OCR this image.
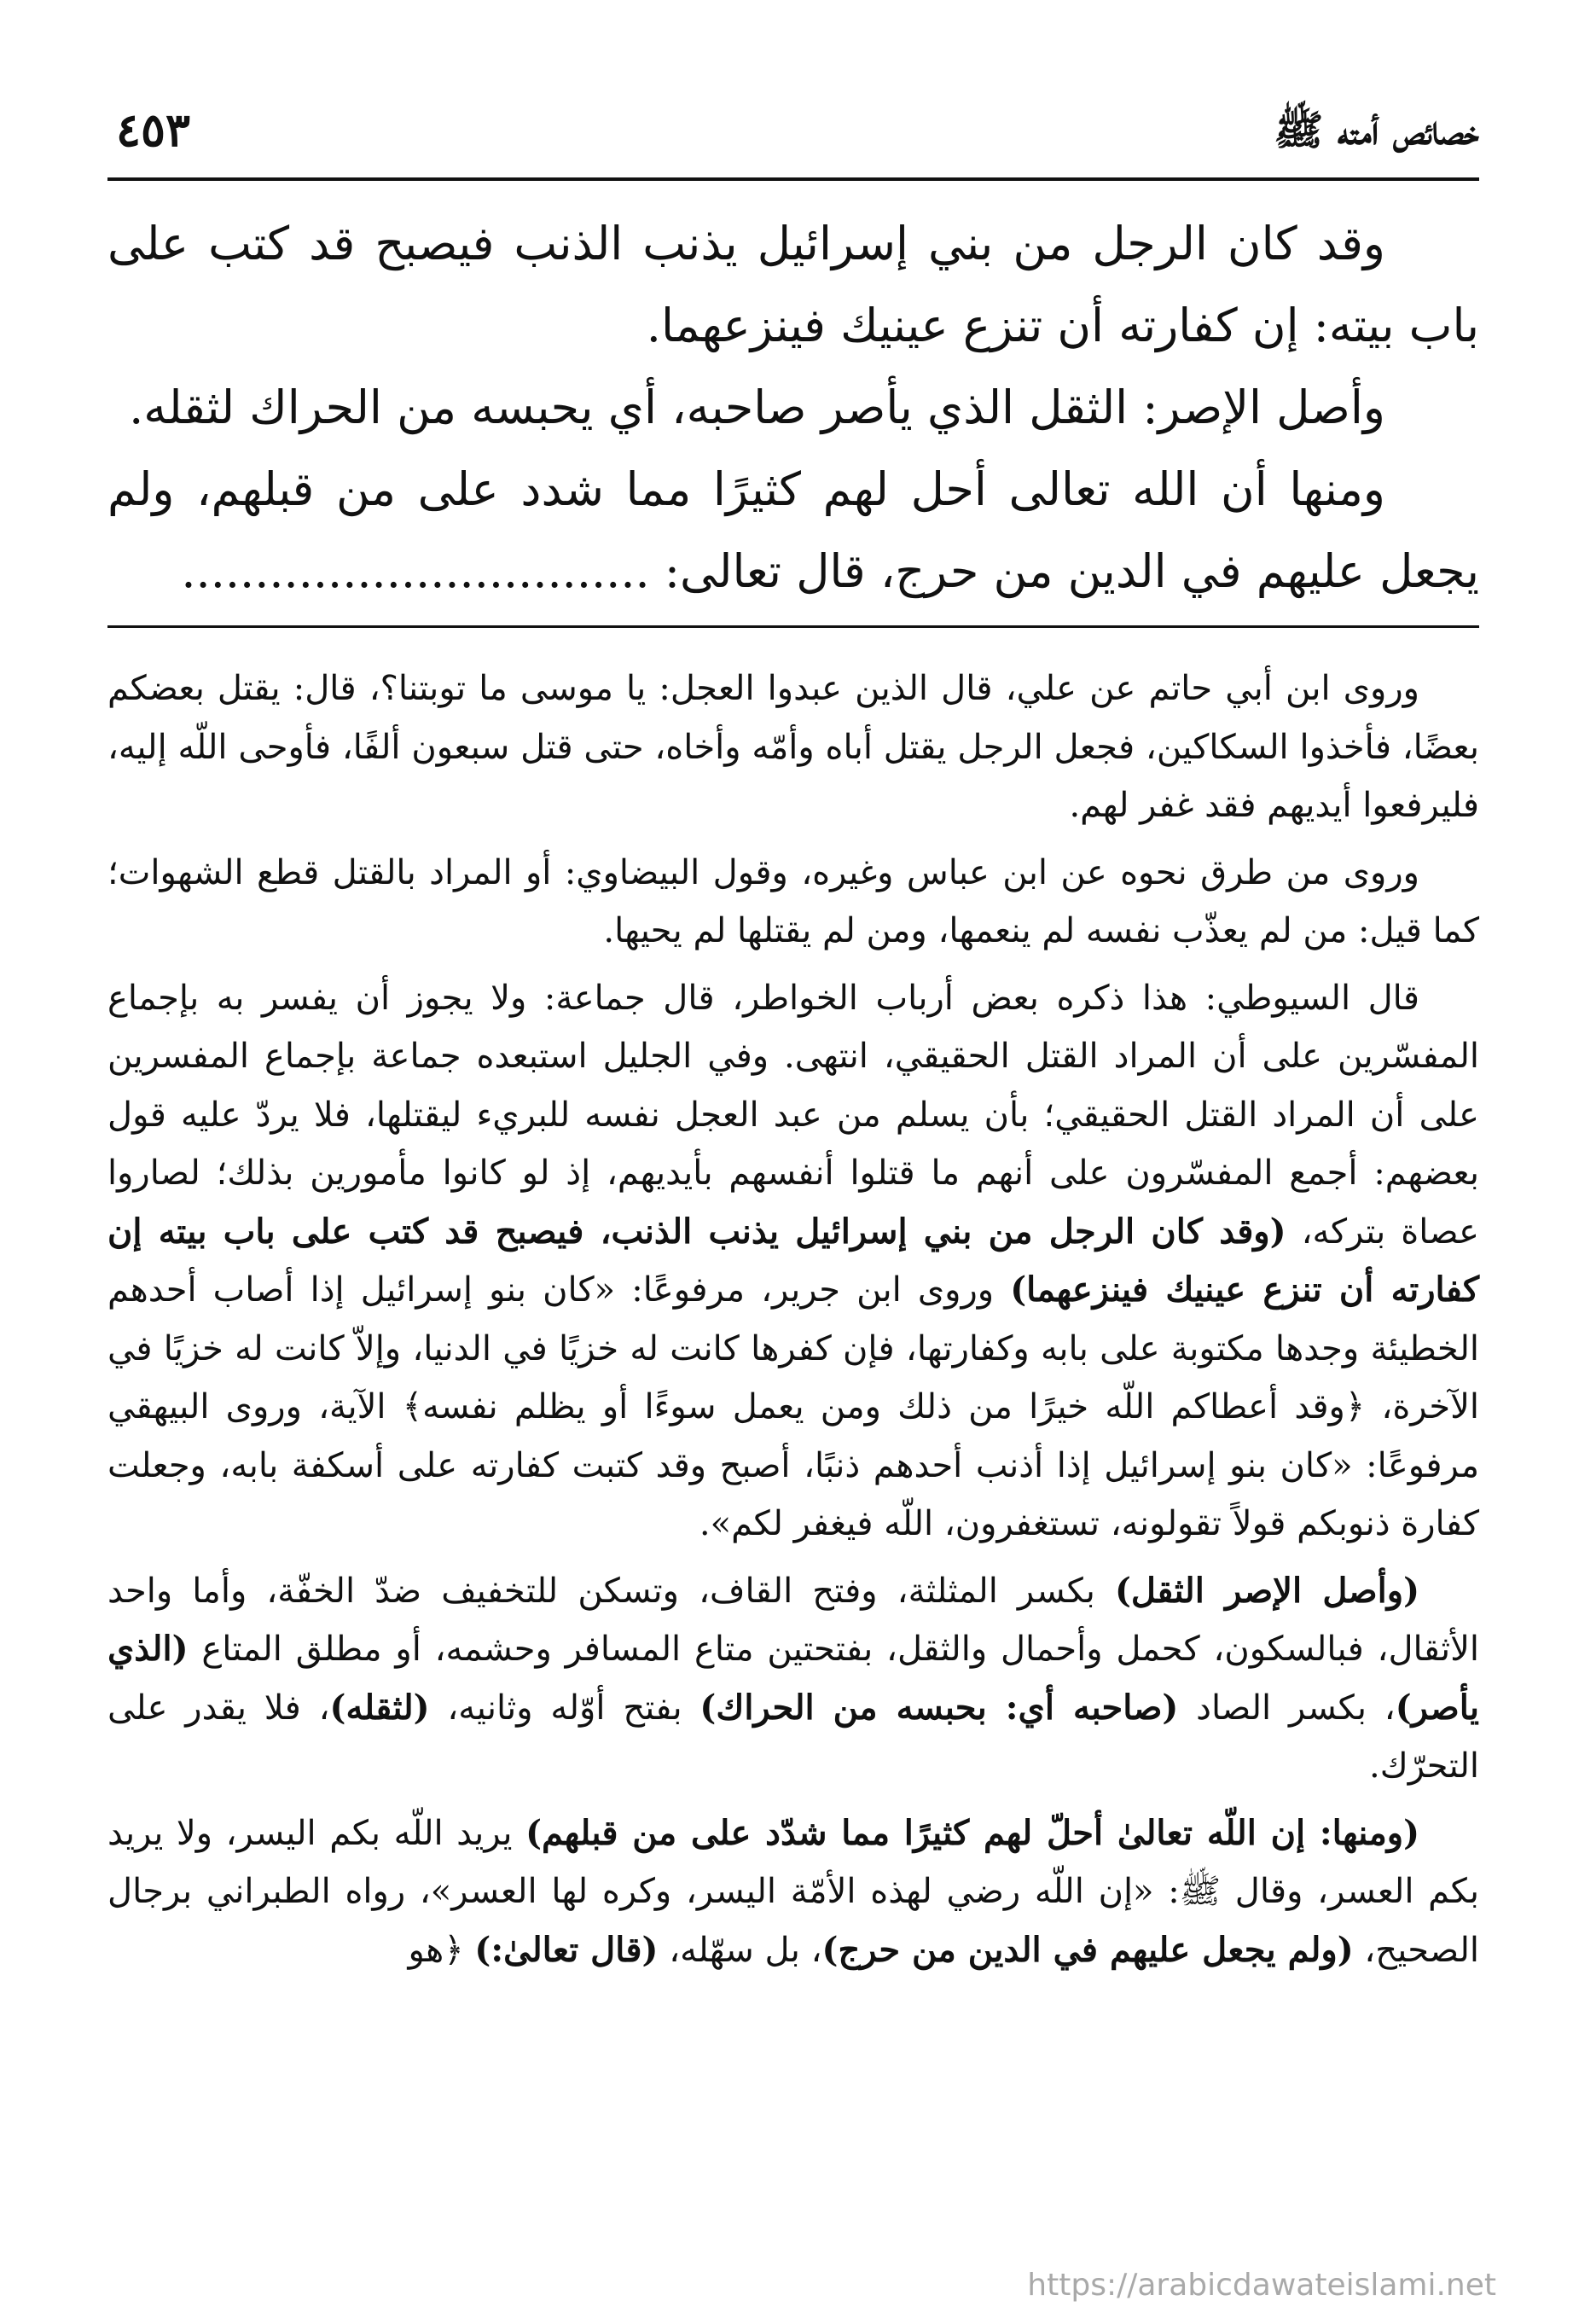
خصائص أمته ﷺ
٤٥٣

وقد كان الرجل من بني إسرائيل يذنب الذنب فيصبح قد كتب على باب بيته: إن كفارته أن تنزع عينيك فينزعهما.

وأصل الإصر: الثقل الذي يأصر صاحبه، أي يحبسه من الحراك لثقله.

ومنها أن الله تعالى أحل لهم كثيرًا مما شدد على من قبلهم، ولم يجعل عليهم في الدين من حرج، قال تعالى: ................................

وروى ابن أبي حاتم عن علي، قال الذين عبدوا العجل: يا موسى ما توبتنا؟، قال: يقتل بعضكم بعضًا، فأخذوا السكاكين، فجعل الرجل يقتل أباه وأمّه وأخاه، حتى قتل سبعون ألفًا، فأوحى اللّه إليه، فليرفعوا أيديهم فقد غفر لهم.

وروى من طرق نحوه عن ابن عباس وغيره، وقول البيضاوي: أو المراد بالقتل قطع الشهوات؛ كما قيل: من لم يعذّب نفسه لم ينعمها، ومن لم يقتلها لم يحيها.

قال السيوطي: هذا ذكره بعض أرباب الخواطر، قال جماعة: ولا يجوز أن يفسر به بإجماع المفسّرين على أن المراد القتل الحقيقي، انتهى. وفي الجليل استبعده جماعة بإجماع المفسرين على أن المراد القتل الحقيقي؛ بأن يسلم من عبد العجل نفسه للبريء ليقتلها، فلا يردّ عليه قول بعضهم: أجمع المفسّرون على أنهم ما قتلوا أنفسهم بأيديهم، إذ لو كانوا مأمورين بذلك؛ لصاروا عصاة بتركه، (وقد كان الرجل من بني إسرائيل يذنب الذنب، فيصبح قد كتب على باب بيته إن كفارته أن تنزع عينيك فينزعهما) وروى ابن جرير، مرفوعًا: «كان بنو إسرائيل إذا أصاب أحدهم الخطيئة وجدها مكتوبة على بابه وكفارتها، فإن كفرها كانت له خزيًا في الدنيا، وإلاّ كانت له خزيًا في الآخرة، ﴿وقد أعطاكم اللّه خيرًا من ذلك ومن يعمل سوءًا أو يظلم نفسه﴾ الآية، وروى البيهقي مرفوعًا: «كان بنو إسرائيل إذا أذنب أحدهم ذنبًا، أصبح وقد كتبت كفارته على أسكفة بابه، وجعلت كفارة ذنوبكم قولاً تقولونه، تستغفرون، اللّه فيغفر لكم».

(وأصل الإصر الثقل) بكسر المثلثة، وفتح القاف، وتسكن للتخفيف ضدّ الخفّة، وأما واحد الأثقال، فبالسكون، كحمل وأحمال والثقل، بفتحتين متاع المسافر وحشمه، أو مطلق المتاع (الذي يأصر)، بكسر الصاد (صاحبه أي: بحبسه من الحراك) بفتح أوّله وثانيه، (لثقله)، فلا يقدر على التحرّك.

(ومنها: إن اللّه تعالىٰ أحلّ لهم كثيرًا مما شدّد على من قبلهم) يريد اللّه بكم اليسر، ولا يريد بكم العسر، وقال ﷺ: «إن اللّه رضي لهذه الأمّة اليسر، وكره لها العسر»، رواه الطبراني برجال الصحيح، (ولم يجعل عليهم في الدين من حرج)، بل سهّله، (قال تعالىٰ:) ﴿هو

https://arabicdawateislami.net
